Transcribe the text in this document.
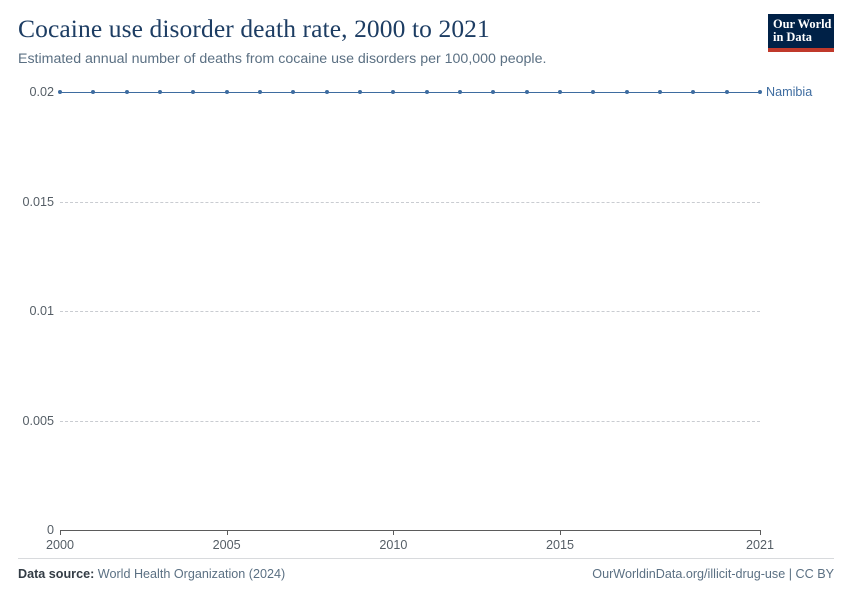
Cocaine use disorder death rate, 2000 to 2021

Estimated annual number of deaths from cocaine use disorders per 100,000 people.

Our World
in Data
0
0.005
0.01
0.015
0.02
2000	2005	2010	2015	2021
Namibia
Data source: World Health Organization (2024)	OurWorldinData.org/illicit-drug-use | CC BY
